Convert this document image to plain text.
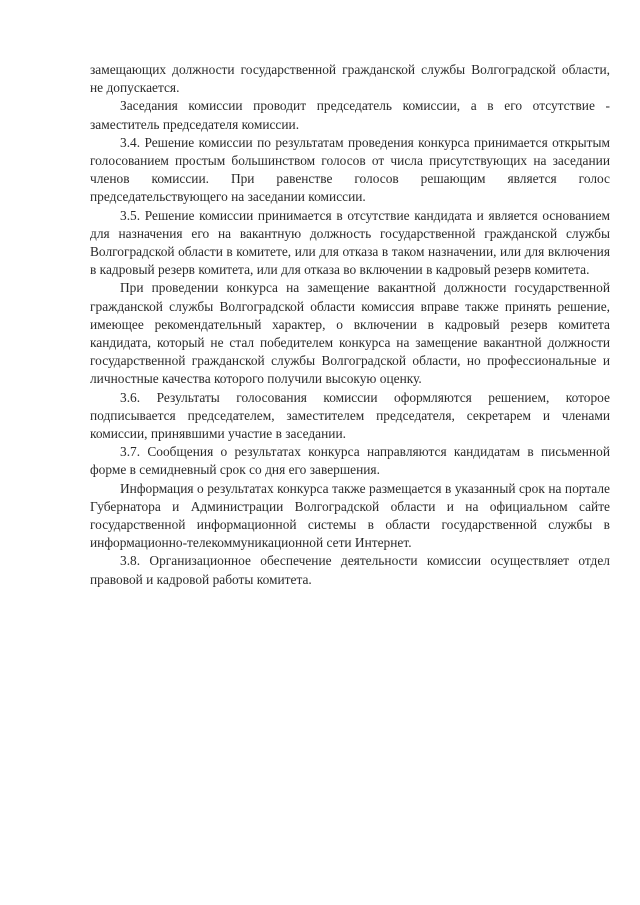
замещающих должности государственной гражданской службы Волгоградской области, не допускается.

Заседания комиссии проводит председатель комиссии, а в его отсутствие - заместитель председателя комиссии.

3.4. Решение комиссии по результатам проведения конкурса принимается открытым голосованием простым большинством голосов от числа присутствующих на заседании членов комиссии. При равенстве голосов решающим является голос председательствующего на заседании комиссии.

3.5. Решение комиссии принимается в отсутствие кандидата и является основанием для назначения его на вакантную должность государственной гражданской службы Волгоградской области в комитете, или для отказа в таком назначении, или для включения в кадровый резерв комитета, или для отказа во включении в кадровый резерв комитета.

При проведении конкурса на замещение вакантной должности государственной гражданской службы Волгоградской области комиссия вправе также принять решение, имеющее рекомендательный характер, о включении в кадровый резерв комитета кандидата, который не стал победителем конкурса на замещение вакантной должности государственной гражданской службы Волгоградской области, но профессиональные и личностные качества которого получили высокую оценку.

3.6. Результаты голосования комиссии оформляются решением, которое подписывается председателем, заместителем председателя, секретарем и членами комиссии, принявшими участие в заседании.

3.7. Сообщения о результатах конкурса направляются кандидатам в письменной форме в семидневный срок со дня его завершения.

Информация о результатах конкурса также размещается в указанный срок на портале Губернатора и Администрации Волгоградской области и на официальном сайте государственной информационной системы в области государственной службы в информационно-телекоммуникационной сети Интернет.

3.8. Организационное обеспечение деятельности комиссии осуществляет отдел правовой и кадровой работы комитета.
